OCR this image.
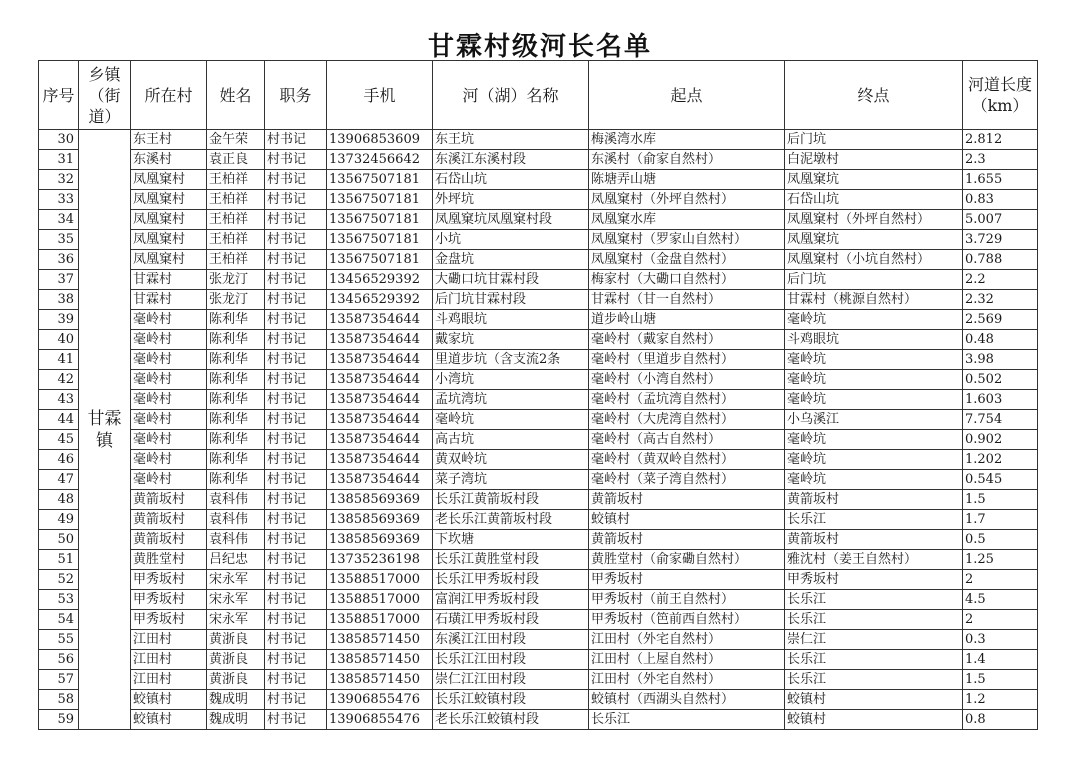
甘霖村级河长名单
序号	乡镇（街道）	所在村	姓名	职务	手机	河（湖）名称	起点	终点	河道长度（km）
30	甘霖镇	东王村	金午荣	村书记	13906853609	东王坑	梅溪湾水库	后门坑	2.812
31		东溪村	袁正良	村书记	13732456642	东溪江东溪村段	东溪村（俞家自然村）	白泥墩村	2.3
32		凤凰窠村	王柏祥	村书记	13567507181	石岱山坑	陈塘弄山塘	凤凰窠坑	1.655
33		凤凰窠村	王柏祥	村书记	13567507181	外坪坑	凤凰窠村（外坪自然村）	石岱山坑	0.83
34		凤凰窠村	王柏祥	村书记	13567507181	凤凰窠坑凤凰窠村段	凤凰窠水库	凤凰窠村（外坪自然村）	5.007
35		凤凰窠村	王柏祥	村书记	13567507181	小坑	凤凰窠村（罗家山自然村）	凤凰窠坑	3.729
36		凤凰窠村	王柏祥	村书记	13567507181	金盘坑	凤凰窠村（金盘自然村）	凤凰窠村（小坑自然村）	0.788
37		甘霖村	张龙汀	村书记	13456529392	大磡口坑甘霖村段	梅家村（大磡口自然村）	后门坑	2.2
38		甘霖村	张龙汀	村书记	13456529392	后门坑甘霖村段	甘霖村（甘一自然村）	甘霖村（桃源自然村）	2.32
39		毫岭村	陈利华	村书记	13587354644	斗鸡眼坑	道步岭山塘	毫岭坑	2.569
40		毫岭村	陈利华	村书记	13587354644	戴家坑	毫岭村（戴家自然村）	斗鸡眼坑	0.48
41		毫岭村	陈利华	村书记	13587354644	里道步坑（含支流2条	毫岭村（里道步自然村）	毫岭坑	3.98
42		毫岭村	陈利华	村书记	13587354644	小湾坑	毫岭村（小湾自然村）	毫岭坑	0.502
43		毫岭村	陈利华	村书记	13587354644	孟坑湾坑	毫岭村（孟坑湾自然村）	毫岭坑	1.603
44		毫岭村	陈利华	村书记	13587354644	毫岭坑	毫岭村（大虎湾自然村）	小乌溪江	7.754
45		毫岭村	陈利华	村书记	13587354644	高古坑	毫岭村（高古自然村）	毫岭坑	0.902
46		毫岭村	陈利华	村书记	13587354644	黄双岭坑	毫岭村（黄双岭自然村）	毫岭坑	1.202
47		毫岭村	陈利华	村书记	13587354644	菜子湾坑	毫岭村（菜子湾自然村）	毫岭坑	0.545
48		黄箭坂村	袁科伟	村书记	13858569369	长乐江黄箭坂村段	黄箭坂村	黄箭坂村	1.5
49		黄箭坂村	袁科伟	村书记	13858569369	老长乐江黄箭坂村段	蛟镇村	长乐江	1.7
50		黄箭坂村	袁科伟	村书记	13858569369	下坎塘	黄箭坂村	黄箭坂村	0.5
51		黄胜堂村	吕纪忠	村书记	13735236198	长乐江黄胜堂村段	黄胜堂村（俞家磡自然村）	雅沈村（姜王自然村）	1.25
52		甲秀坂村	宋永军	村书记	13588517000	长乐江甲秀坂村段	甲秀坂村	甲秀坂村	2
53		甲秀坂村	宋永军	村书记	13588517000	富润江甲秀坂村段	甲秀坂村（前王自然村）	长乐江	4.5
54		甲秀坂村	宋永军	村书记	13588517000	石璜江甲秀坂村段	甲秀坂村（笆前西自然村）	长乐江	2
55		江田村	黄浙良	村书记	13858571450	东溪江江田村段	江田村（外宅自然村）	崇仁江	0.3
56		江田村	黄浙良	村书记	13858571450	长乐江江田村段	江田村（上屋自然村）	长乐江	1.4
57		江田村	黄浙良	村书记	13858571450	崇仁江江田村段	江田村（外宅自然村）	长乐江	1.5
58		蛟镇村	魏成明	村书记	13906855476	长乐江蛟镇村段	蛟镇村（西湖头自然村）	蛟镇村	1.2
59		蛟镇村	魏成明	村书记	13906855476	老长乐江蛟镇村段	长乐江	蛟镇村	0.8
